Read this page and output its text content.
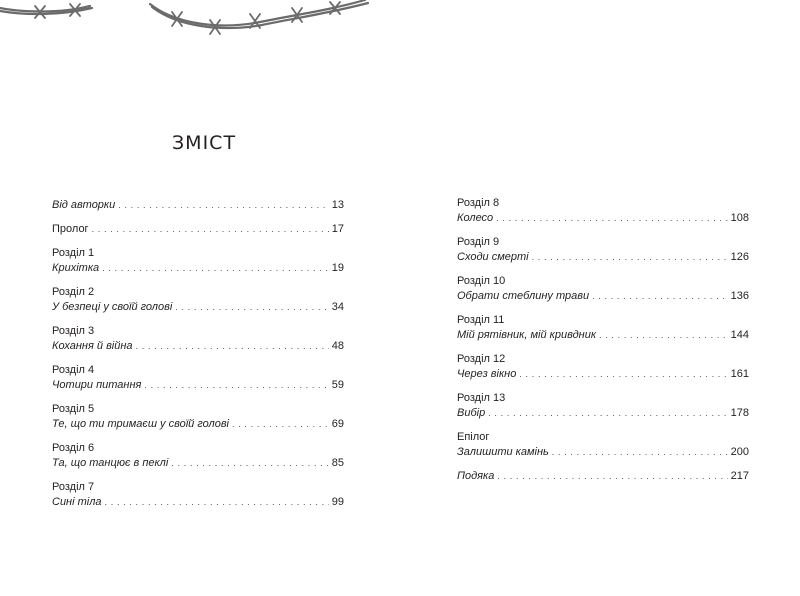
ЗМІСТ
Від авторки . . .	13
Пролог . . .	17
Розділ 1
Крихітка . . .	19
Розділ 2
У безпеці у своїй голові . . .	34
Розділ 3
Кохання й війна . . .	48
Розділ 4
Чотири питання . . .	59
Розділ 5
Те, що ти тримаєш у своїй голові . . .	69
Розділ 6
Та, що танцює в пеклі . . .	85
Розділ 7
Сині тіла . . .	99
Розділ 8
Колесо . . .	108
Розділ 9
Сходи смерті . . .	126
Розділ 10
Обрати стеблину трави . . .	136
Розділ 11
Мій рятівник, мій кривдник . . .	144
Розділ 12
Через вікно . . .	161
Розділ 13
Вибір . . .	178
Епілог
Залишити камінь . . .	200
Подяка . . .	217
